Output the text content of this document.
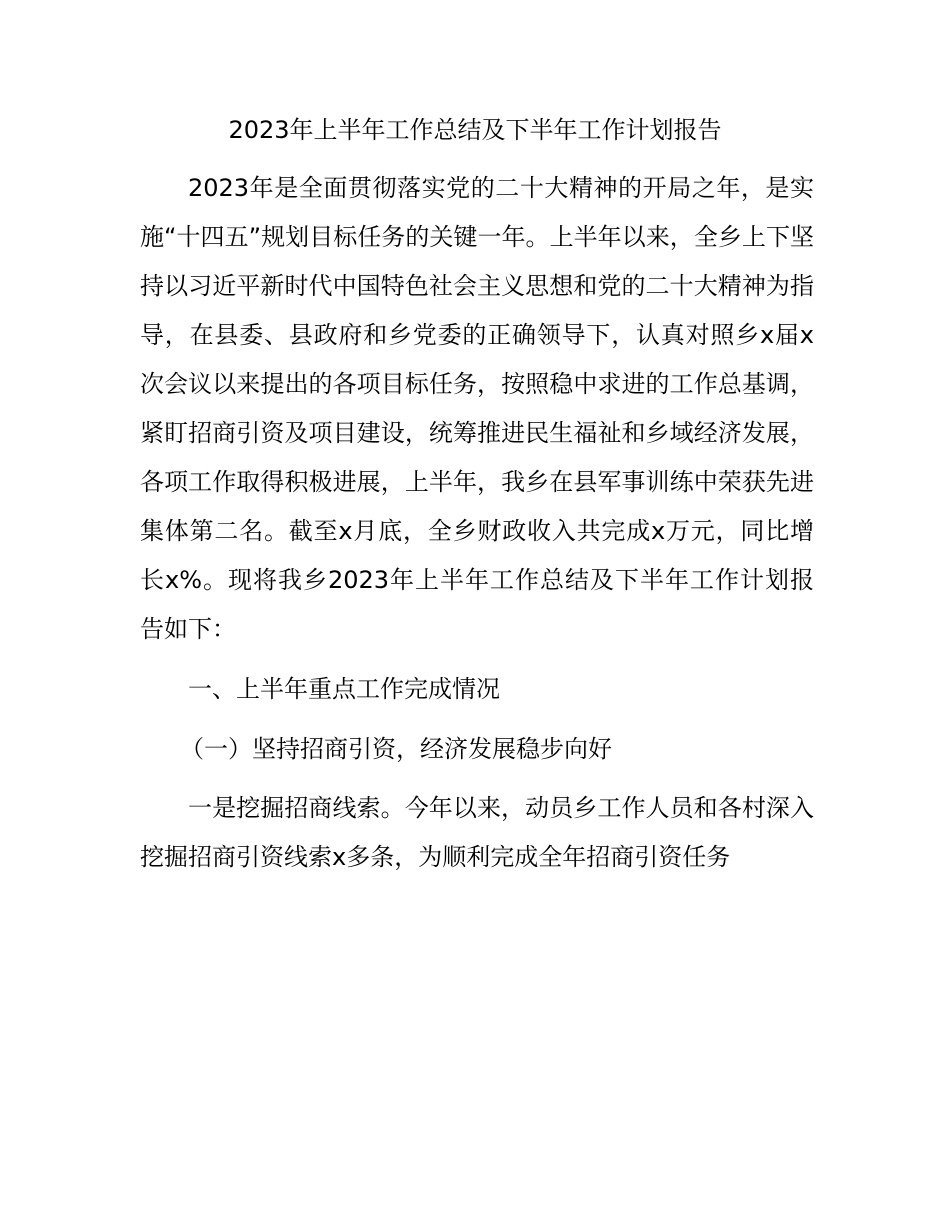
2023年上半年工作总结及下半年工作计划报告
2023年是全面贯彻落实党的二十大精神的开局之年，是实施“十四五”规划目标任务的关键一年。上半年以来，全乡上下坚持以习近平新时代中国特色社会主义思想和党的二十大精神为指导，在县委、县政府和乡党委的正确领导下，认真对照乡x届x次会议以来提出的各项目标任务，按照稳中求进的工作总基调，紧盯招商引资及项目建设，统筹推进民生福祉和乡域经济发展，各项工作取得积极进展，上半年，我乡在县军事训练中荣获先进集体第二名。截至x月底，全乡财政收入共完成x万元，同比增长x%。现将我乡2023年上半年工作总结及下半年工作计划报告如下：
一、上半年重点工作完成情况
（一）坚持招商引资，经济发展稳步向好
一是挖掘招商线索。今年以来，动员乡工作人员和各村深入挖掘招商引资线索x多条，为顺利完成全年招商引资任务
